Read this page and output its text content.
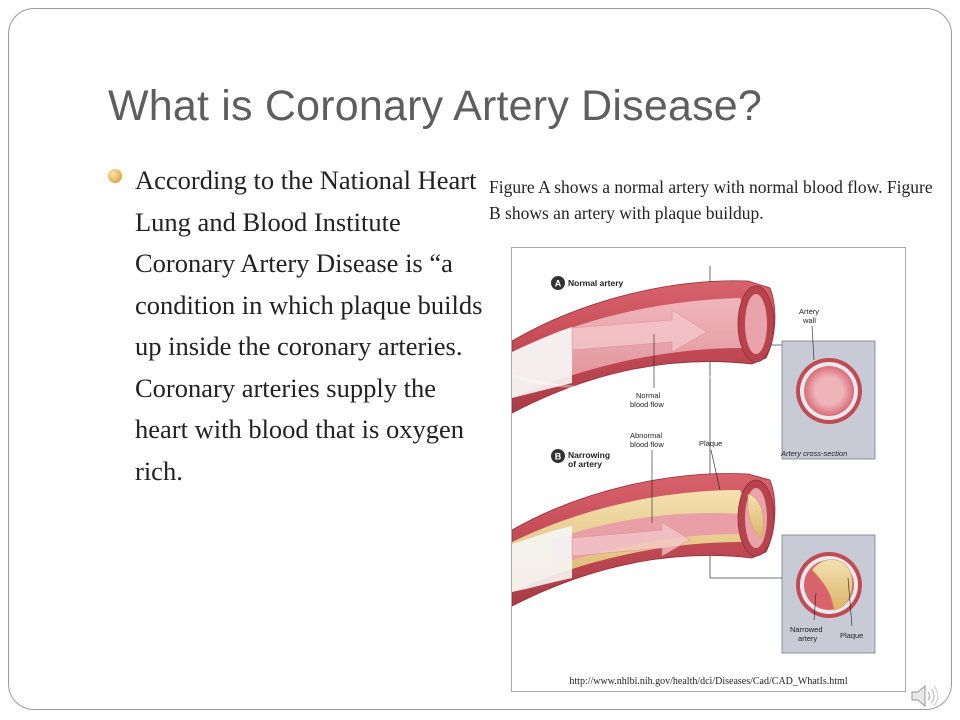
What is Coronary Artery Disease?

According to the National Heart Lung and Blood Institute Coronary Artery Disease is “a condition in which plaque builds up inside the coronary arteries. Coronary arteries supply the heart with blood that is oxygen rich.

Figure A shows a normal artery with normal blood flow. Figure B shows an artery with plaque buildup.

A Normal artery
Artery
wall
Normal
blood flow
Artery cross-section
B Narrowing
of artery
Abnormal
blood flow	Plaque
Narrowed
artery	Plaque
http://www.nhlbi.nih.gov/health/dci/Diseases/Cad/CAD_WhatIs.html
